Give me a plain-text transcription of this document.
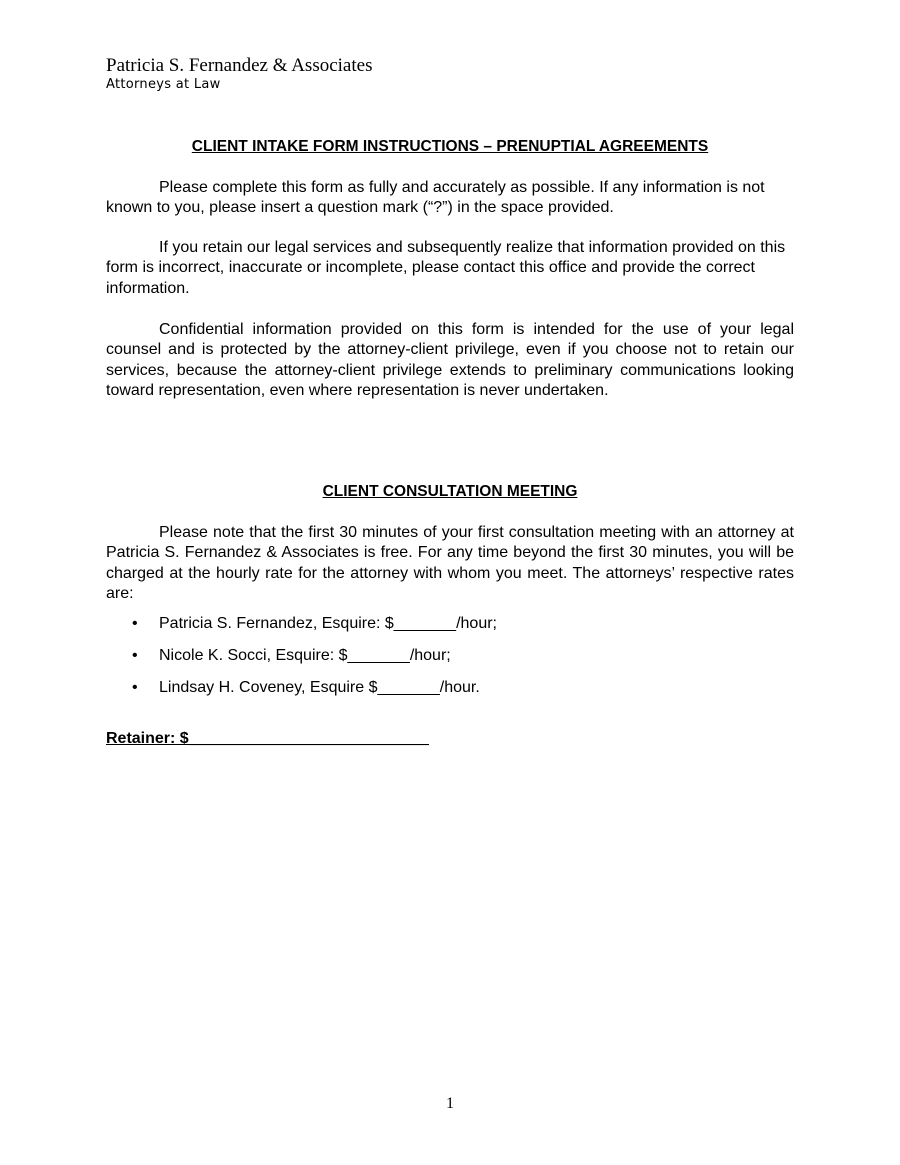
Patricia S. Fernandez & Associates
Attorneys at Law
CLIENT INTAKE FORM INSTRUCTIONS – PRENUPTIAL AGREEMENTS

Please complete this form as fully and accurately as possible. If any information is not known to you, please insert a question mark (“?”) in the space provided.

If you retain our legal services and subsequently realize that information provided on this form is incorrect, inaccurate or incomplete, please contact this office and provide the correct information.

Confidential information provided on this form is intended for the use of your legal counsel and is protected by the attorney-client privilege, even if you choose not to retain our services, because the attorney-client privilege extends to preliminary communications looking toward representation, even where representation is never undertaken.

CLIENT CONSULTATION MEETING

Please note that the first 30 minutes of your first consultation meeting with an attorney at Patricia S. Fernandez & Associates is free. For any time beyond the first 30 minutes, you will be charged at the hourly rate for the attorney with whom you meet. The attorneys’ respective rates are:

• Patricia S. Fernandez, Esquire: $_______/hour;
• Nicole K. Socci, Esquire: $_______/hour;
• Lindsay H. Coveney, Esquire $_______/hour.
Retainer: $___________________________
1
